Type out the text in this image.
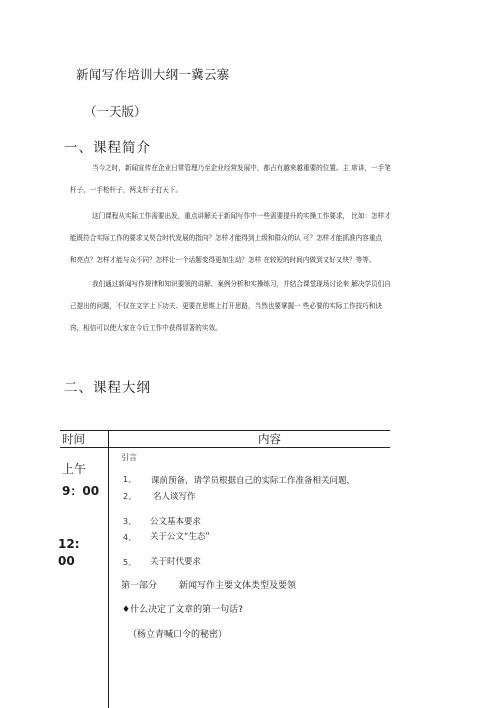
新闻写作培训大纲一冀云寨
（一天版）
一、课程简介
当今之时，新闻宣传在企业日常管理乃至企业经营发展中，都占有越来越重要的位置。主 席讲，一手笔
杆子，一手枪杆子，两支杆子打天下。
这门课程从实际工作需要出发，重点讲解关于新闻写作中一些需要提升的实操工作要求， 比如：怎样才
能既符合实际工作的要求又契合时代发展的指向？怎样才能得到上级和群众的认 可？怎样才能抓准内容重点
和亮点？怎样才能与众不同？怎样让一个话题变得更加生动？怎样 在较短的时间内做到又好又快？等等。
我们通过新闻写作规律和知识要领的讲解、案例分析和实操练习，并结合课堂现场讨论来 解决学员们自
己提出的问题，不仅在文字上下功夫、更要在思维上打开思路，当然也要掌握一 些必要的实际工作技巧和诀
窍，相信可以使大家在今后工作中获得显著的实效。
二、课程大纲
时间	内容
上午
9：00
12:
00
引言
1、 课前预备，请学员根据自己的实际工作准备相关问题，
2、 名人谈写作
3、 公文基本要求
4、 关于公文“生态”
5、 关于时代要求
第一部分 新闻写作主要文体类型及要领
♦什么决定了文章的第一句话?
（杨立青喊口令的秘密）
